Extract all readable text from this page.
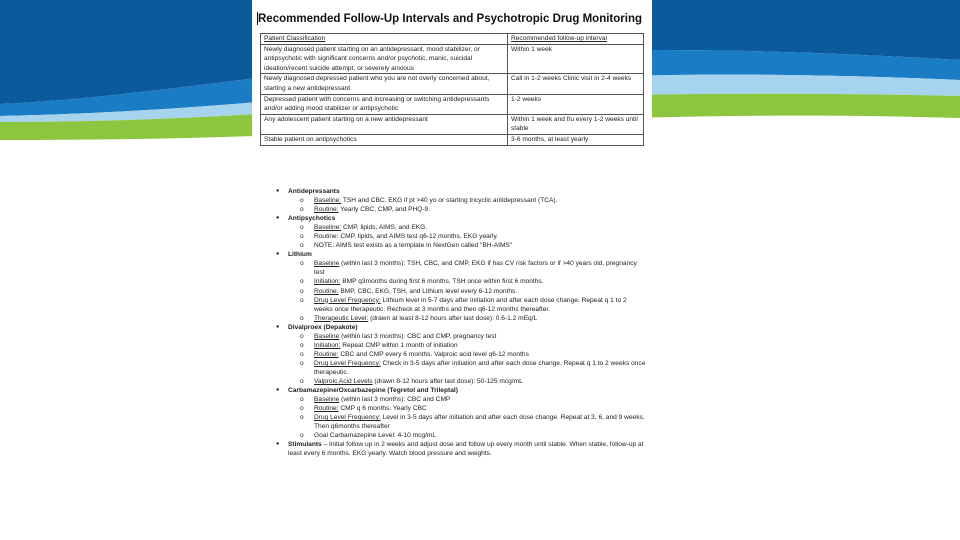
Recommended Follow-Up Intervals and Psychotropic Drug Monitoring
Patient Classification	Recommended follow-up interval
Newly diagnosed patient starting on an antidepressant, mood stabilizer, or antipsychotic with significant concerns and/or psychotic, manic, suicidal ideation/recent suicide attempt, or severely anxious	Within 1 week
Newly diagnosed depressed patient who you are not overly concerned about, starting a new antidepressant	Call in 1-2 weeks Clinic visit in 2-4 weeks
Depressed patient with concerns and increasing or switching antidepressants and/or adding mood stabilizer or antipsychotic	1-2 weeks
Any adolescent patient starting on a new antidepressant	Within 1 week and f/u every 1-2 weeks until stable
Stable patient on antipsychotics	3-6 months, at least yearly
● Antidepressants
o Baseline: TSH and CBC. EKG if pt >40 yo or starting tricyclic antidepressant (TCA).
o Routine: Yearly CBC, CMP, and PHQ-9.
● Antipsychotics
o Baseline: CMP, lipids, AIMS, and EKG.
o Routine: CMP, lipids, and AIMS test q6-12 months. EKG yearly.
o NOTE: AIMS test exists as a template in NextGen called "BH-AIMS"
● Lithium
o Baseline (within last 3 months): TSH, CBC, and CMP. EKG if has CV risk factors or if >40 years old, pregnancy test
o Initiation: BMP q3months during first 6 months. TSH once within first 6 months.
o Routine: BMP, CBC, EKG, TSH, and Lithium level every 6-12 months.
o Drug Level Frequency: Lithium level in 5-7 days after initiation and after each dose change. Repeat q 1 to 2 weeks once therapeutic. Recheck at 3 months and then q6-12 months thereafter.
o Therapeutic Level: (drawn at least 8-12 hours after last dose): 0.6-1.2 mEq/L
● Divalproex (Depakote)
o Baseline (within last 3 months): CBC and CMP, pregnancy test
o Initiation: Repeat CMP within 1 month of initiation
o Routine: CBC and CMP every 6 months. Valproic acid level q6-12 months
o Drug Level Frequency: Check in 3-5 days after initiation and after each dose change. Repeat q 1 to 2 weeks once therapeutic.
o Valproic Acid Levels (drawn 8-12 hours after last dose): 50-125 mcg/mL
● Carbamazepine/Oxcarbazepine (Tegretol and Trileptal)
o Baseline (within last 3 months): CBC and CMP
o Routine: CMP q 6 months. Yearly CBC
o Drug Level Frequency: Level in 3-5 days after initiation and after each dose change. Repeat at 3, 6, and 9 weeks. Then q6months thereafter
o Goal Carbamazepine Level: 4-10 mcg/mL
● Stimulants – Initial follow up in 2 weeks and adjust dose and follow up every month until stable. When stable, follow-up at least every 6 months. EKG yearly. Watch blood pressure and weights.
